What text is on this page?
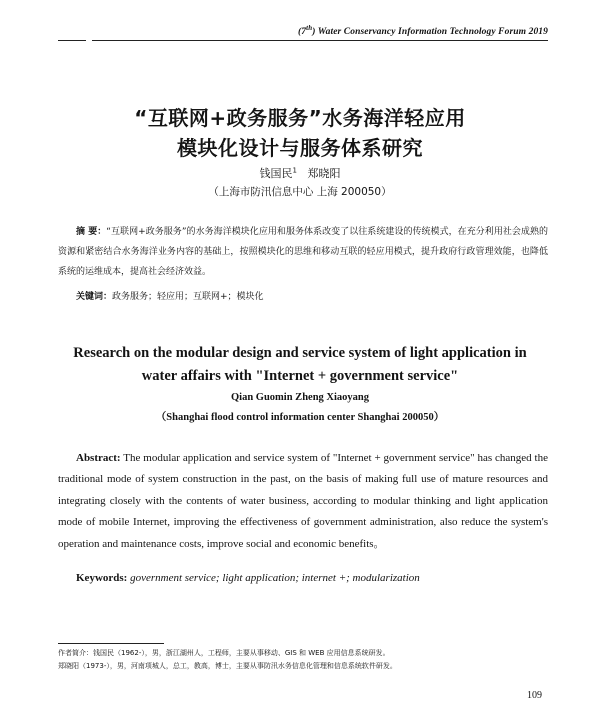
(7th) Water Conservancy Information Technology Forum 2019
“互联网+政务服务”水务海洋轻应用
模块化设计与服务体系研究
钱国民$^1$ 郑晓阳
（上海市防汛信息中心 上海 200050）
摘 要：“互联网+政务服务”的水务海洋模块化应用和服务体系改变了以往系统建设的传统模式，在充分利用社会成熟的资源和紧密结合水务海洋业务内容的基础上，按照模块化的思维和移动互联的轻应用模式，提升政府行政管理效能，也降低系统的运维成本，提高社会经济效益。
关键词：政务服务；轻应用；互联网+；模块化
Research on the modular design and service system of light application in
water affairs with "Internet + government service"
Qian Guomin Zheng Xiaoyang
（Shanghai flood control information center Shanghai 200050）
Abstract: The modular application and service system of "Internet + government service" has changed the traditional mode of system construction in the past, on the basis of making full use of mature resources and integrating closely with the contents of water business, according to modular thinking and light application mode of mobile Internet, improving the effectiveness of government administration, also reduce the system's operation and maintenance costs, improve social and economic benefits。
Keywords: government service; light application; internet +; modularization
作者简介：钱国民（1962-），男，浙江湖州人，工程师，主要从事移动、GIS 和 WEB 应用信息系统研发。
郑晓阳（1973-），男，河南项城人，总工，教高，博士，主要从事防汛水务信息化管理和信息系统软件研发。
109
